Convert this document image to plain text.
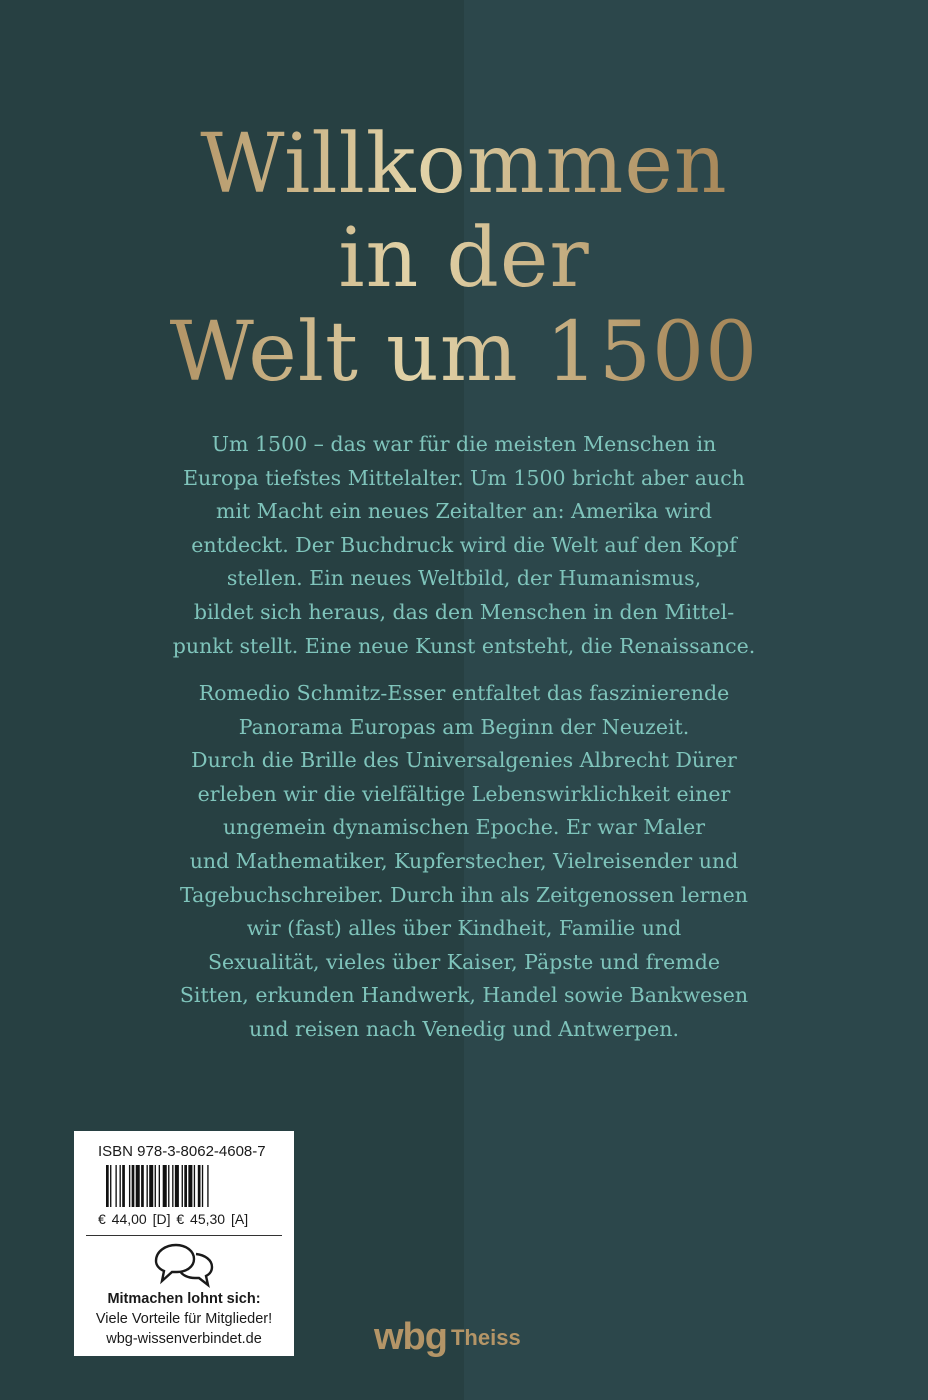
Willkommen
in der
Welt um 1500
Um 1500 – das war für die meisten Menschen in
Europa tiefstes Mittelalter. Um 1500 bricht aber auch
mit Macht ein neues Zeitalter an: Amerika wird
entdeckt. Der Buchdruck wird die Welt auf den Kopf
stellen. Ein neues Weltbild, der Humanismus,
bildet sich heraus, das den Menschen in den Mittel-
punkt stellt. Eine neue Kunst entsteht, die Renaissance.
Romedio Schmitz-Esser entfaltet das faszinierende
Panorama Europas am Beginn der Neuzeit.
Durch die Brille des Universalgenies Albrecht Dürer
erleben wir die vielfältige Lebenswirklichkeit einer
ungemein dynamischen Epoche. Er war Maler
und Mathematiker, Kupferstecher, Vielreisender und
Tagebuchschreiber. Durch ihn als Zeitgenossen lernen
wir (fast) alles über Kindheit, Familie und
Sexualität, vieles über Kaiser, Päpste und fremde
Sitten, erkunden Handwerk, Handel sowie Bankwesen
und reisen nach Venedig und Antwerpen.
ISBN 978-3-8062-4608-7
€ 44,00 [D] € 45,30 [A]
Mitmachen lohnt sich:
Viele Vorteile für Mitglieder!
wbg-wissenverbindet.de	wbg Theiss
